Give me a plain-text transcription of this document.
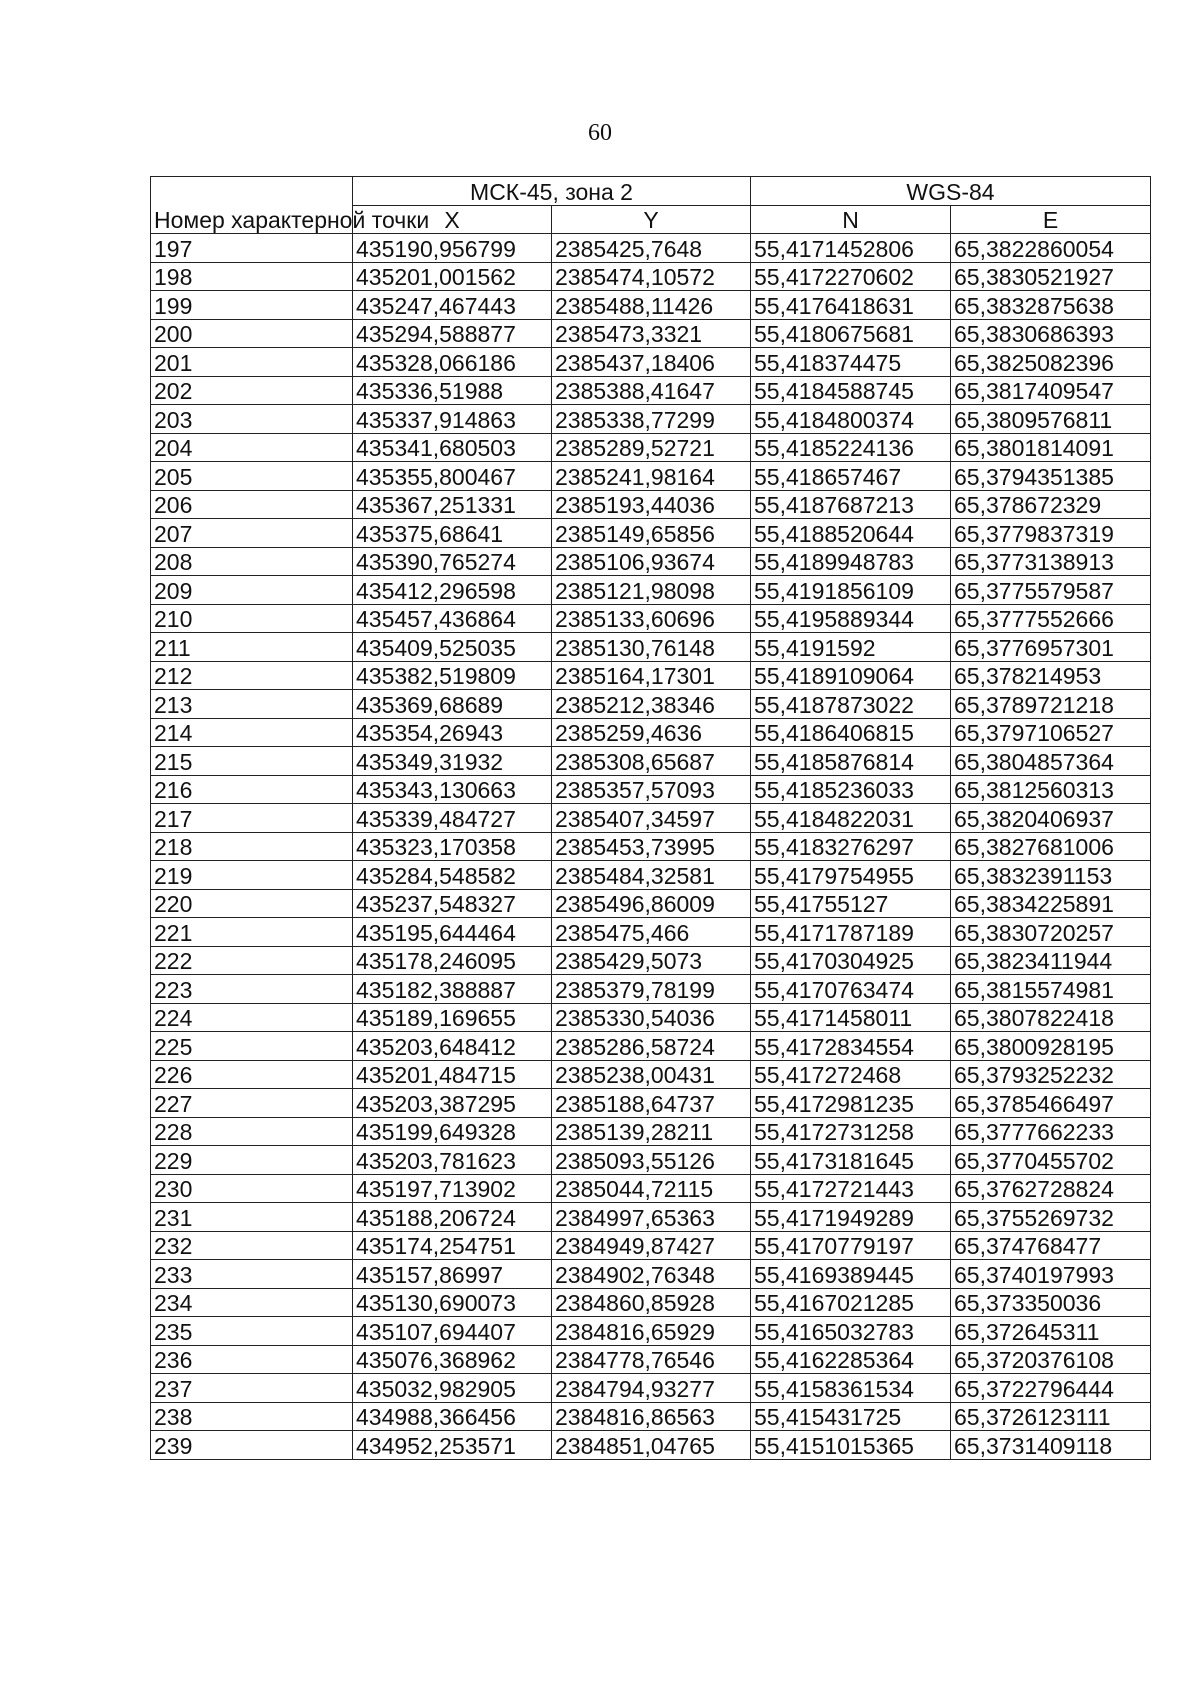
60
Номер характерной точки	МСК-45, зона 2		WGS-84	
	X	Y	N	E
197	435190,956799	2385425,7648	55,4171452806	65,3822860054
198	435201,001562	2385474,10572	55,4172270602	65,3830521927
199	435247,467443	2385488,11426	55,4176418631	65,3832875638
200	435294,588877	2385473,3321	55,4180675681	65,3830686393
201	435328,066186	2385437,18406	55,418374475	65,3825082396
202	435336,51988	2385388,41647	55,4184588745	65,3817409547
203	435337,914863	2385338,77299	55,4184800374	65,3809576811
204	435341,680503	2385289,52721	55,4185224136	65,3801814091
205	435355,800467	2385241,98164	55,418657467	65,3794351385
206	435367,251331	2385193,44036	55,4187687213	65,378672329
207	435375,68641	2385149,65856	55,4188520644	65,3779837319
208	435390,765274	2385106,93674	55,4189948783	65,3773138913
209	435412,296598	2385121,98098	55,4191856109	65,3775579587
210	435457,436864	2385133,60696	55,4195889344	65,3777552666
211	435409,525035	2385130,76148	55,4191592	65,3776957301
212	435382,519809	2385164,17301	55,4189109064	65,378214953
213	435369,68689	2385212,38346	55,4187873022	65,3789721218
214	435354,26943	2385259,4636	55,4186406815	65,3797106527
215	435349,31932	2385308,65687	55,4185876814	65,3804857364
216	435343,130663	2385357,57093	55,4185236033	65,3812560313
217	435339,484727	2385407,34597	55,4184822031	65,3820406937
218	435323,170358	2385453,73995	55,4183276297	65,3827681006
219	435284,548582	2385484,32581	55,4179754955	65,3832391153
220	435237,548327	2385496,86009	55,41755127	65,3834225891
221	435195,644464	2385475,466	55,4171787189	65,3830720257
222	435178,246095	2385429,5073	55,4170304925	65,3823411944
223	435182,388887	2385379,78199	55,4170763474	65,3815574981
224	435189,169655	2385330,54036	55,4171458011	65,3807822418
225	435203,648412	2385286,58724	55,4172834554	65,3800928195
226	435201,484715	2385238,00431	55,417272468	65,3793252232
227	435203,387295	2385188,64737	55,4172981235	65,3785466497
228	435199,649328	2385139,28211	55,4172731258	65,3777662233
229	435203,781623	2385093,55126	55,4173181645	65,3770455702
230	435197,713902	2385044,72115	55,4172721443	65,3762728824
231	435188,206724	2384997,65363	55,4171949289	65,3755269732
232	435174,254751	2384949,87427	55,4170779197	65,374768477
233	435157,86997	2384902,76348	55,4169389445	65,3740197993
234	435130,690073	2384860,85928	55,4167021285	65,373350036
235	435107,694407	2384816,65929	55,4165032783	65,372645311
236	435076,368962	2384778,76546	55,4162285364	65,3720376108
237	435032,982905	2384794,93277	55,4158361534	65,3722796444
238	434988,366456	2384816,86563	55,415431725	65,3726123111
239	434952,253571	2384851,04765	55,4151015365	65,3731409118
